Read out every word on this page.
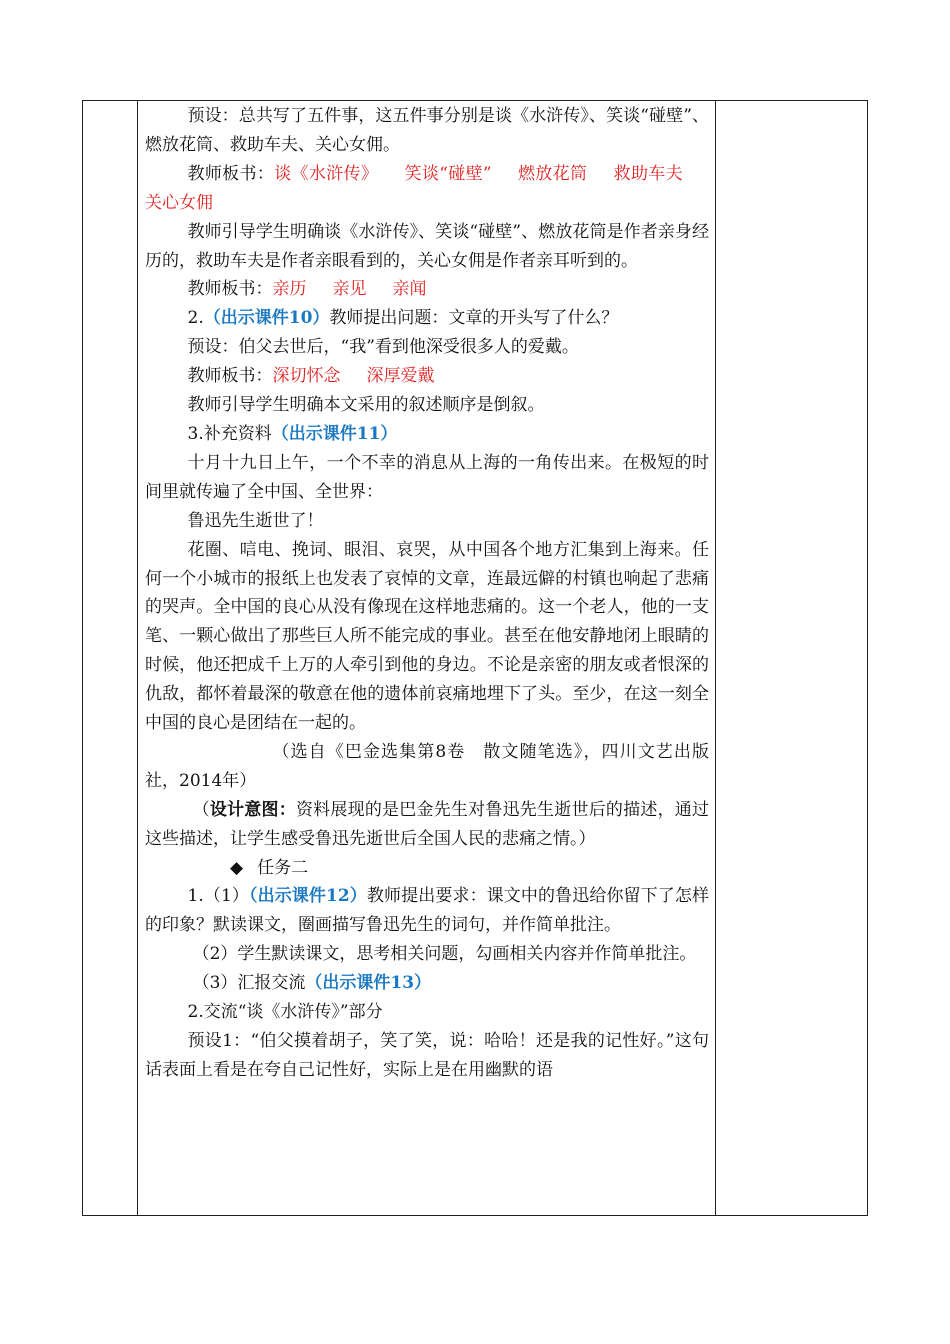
预设：总共写了五件事，这五件事分别是谈《水浒传》、笑谈“碰壁”、燃放花筒、救助车夫、关心女佣。

教师板书：谈《水浒传》 笑谈“碰壁” 燃放花筒 救助车夫关心女佣

教师引导学生明确谈《水浒传》、笑谈“碰壁”、燃放花筒是作者亲身经历的，救助车夫是作者亲眼看到的，关心女佣是作者亲耳听到的。

教师板书：亲历 亲见 亲闻

2.（出示课件10）教师提出问题：文章的开头写了什么？

预设：伯父去世后，“我”看到他深受很多人的爱戴。

教师板书：深切怀念 深厚爱戴

教师引导学生明确本文采用的叙述顺序是倒叙。

3.补充资料（出示课件11）

十月十九日上午，一个不幸的消息从上海的一角传出来。在极短的时间里就传遍了全中国、全世界：

鲁迅先生逝世了！

花圈、唁电、挽词、眼泪、哀哭，从中国各个地方汇集到上海来。任何一个小城市的报纸上也发表了哀悼的文章，连最远僻的村镇也响起了悲痛的哭声。全中国的良心从没有像现在这样地悲痛的。这一个老人，他的一支笔、一颗心做出了那些巨人所不能完成的事业。甚至在他安静地闭上眼睛的时候，他还把成千上万的人牵引到他的身边。不论是亲密的朋友或者恨深的仇敌，都怀着最深的敬意在他的遗体前哀痛地埋下了头。至少，在这一刻全中国的良心是团结在一起的。

（选自《巴金选集第8卷　散文随笔选》，四川文艺出版社，2014年）

（设计意图：资料展现的是巴金先生对鲁迅先生逝世后的描述，通过这些描述，让学生感受鲁迅先逝世后全国人民的悲痛之情。）

◆ 任务二

1.（1）（出示课件12）教师提出要求：课文中的鲁迅给你留下了怎样的印象？默读课文，圈画描写鲁迅先生的词句，并作简单批注。

（2）学生默读课文，思考相关问题，勾画相关内容并作简单批注。

（3）汇报交流（出示课件13）

2.交流“谈《水浒传》”部分

预设1：“伯父摸着胡子，笑了笑，说：哈哈！还是我的记性好。”这句话表面上看是在夸自己记性好，实际上是在用幽默的语
